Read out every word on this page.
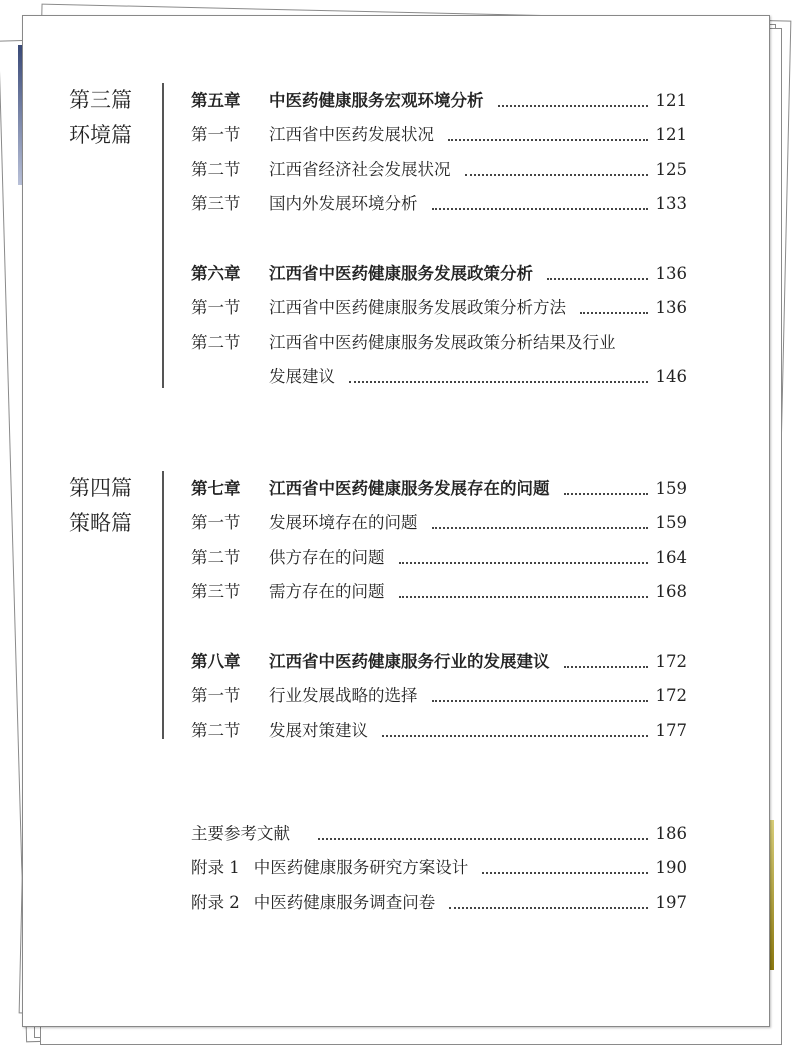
第三篇
环境篇
第五章	中医药健康服务宏观环境分析	121
第一节	江西省中医药发展状况	121
第二节	江西省经济社会发展状况	125
第三节	国内外发展环境分析	133
第六章	江西省中医药健康服务发展政策分析	136
第一节	江西省中医药健康服务发展政策分析方法	136
第二节	江西省中医药健康服务发展政策分析结果及行业
发展建议	146
第四篇
策略篇
第七章	江西省中医药健康服务发展存在的问题	159
第一节	发展环境存在的问题	159
第二节	供方存在的问题	164
第三节	需方存在的问题	168
第八章	江西省中医药健康服务行业的发展建议	172
第一节	行业发展战略的选择	172
第二节	发展对策建议	177
主要参考文献	186
附录 1 中医药健康服务研究方案设计	190
附录 2 中医药健康服务调查问卷	197
